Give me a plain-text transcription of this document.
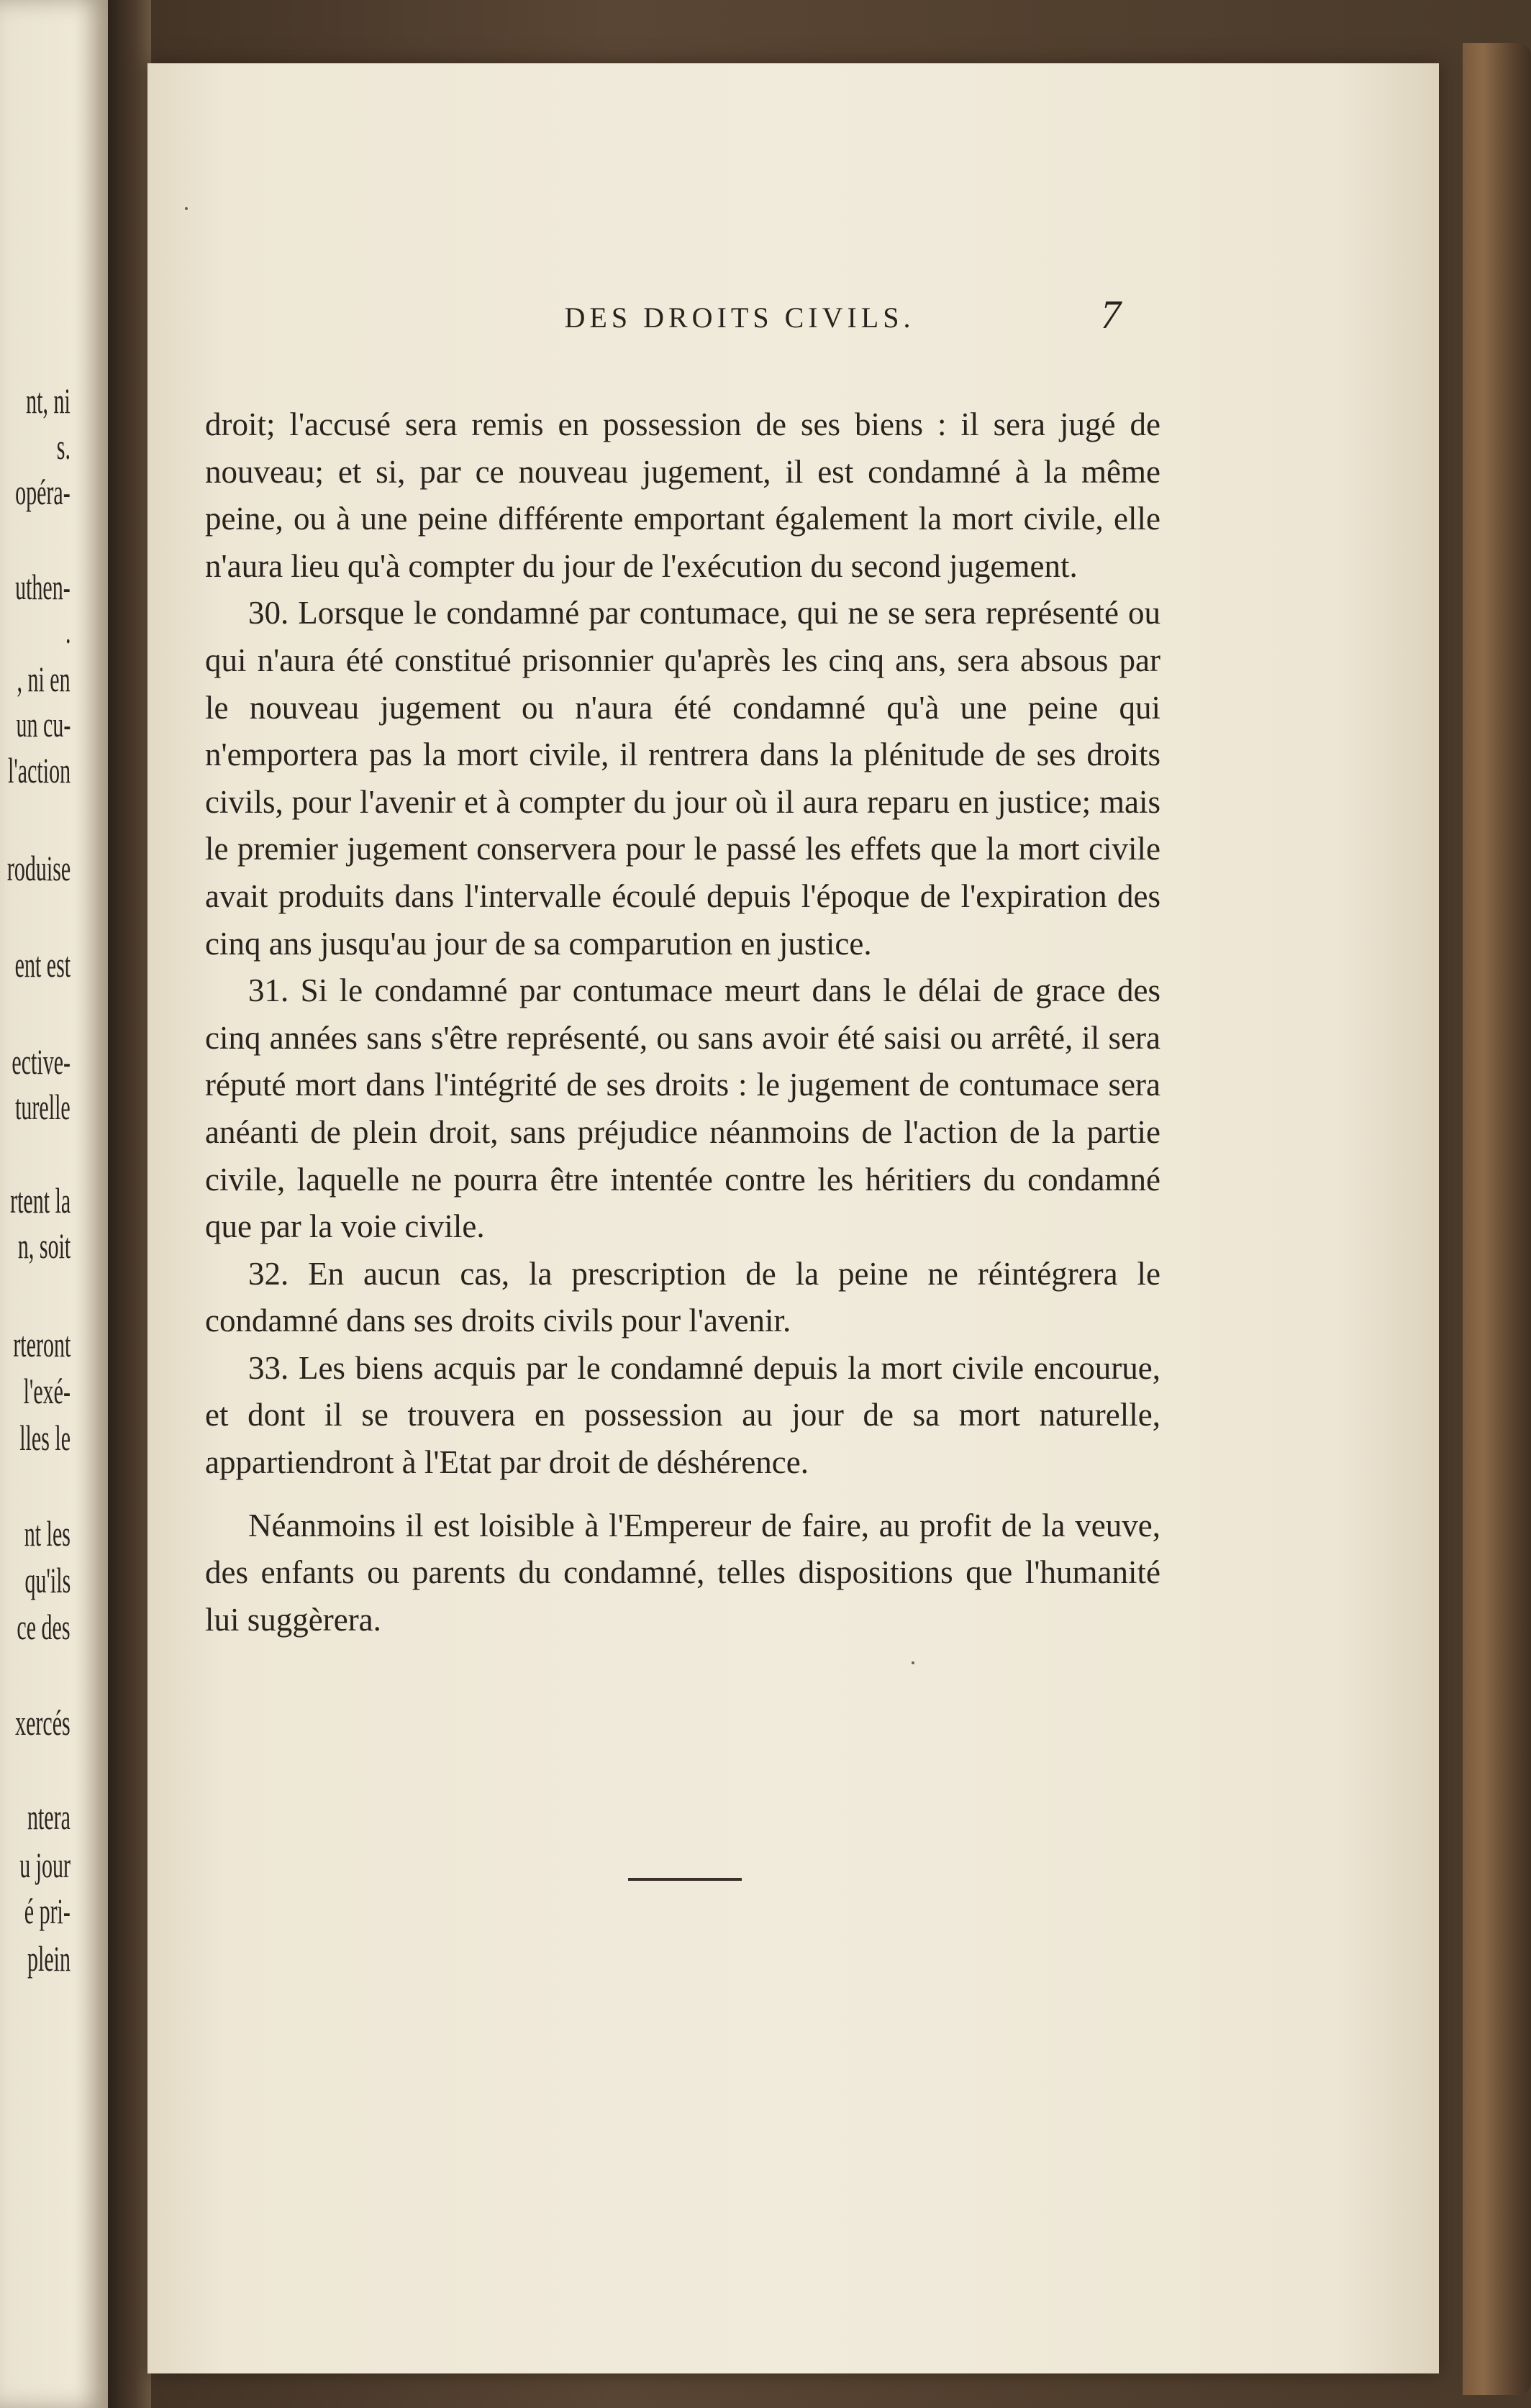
nt, ni
s.
opéra-
uthen-
.
, ni en
un cu-
l'action
roduise
ent est
ective-
turelle
rtent la
n, soit
rteront
l'exé-
lles le
nt les
qu'ils
ce des
xercés
ntera
u jour
é pri-
plein
DES DROITS CIVILS.	7

droit; l'accusé sera remis en possession de ses biens : il sera jugé de nouveau; et si, par ce nouveau jugement, il est condamné à la même peine, ou à une peine différente emportant également la mort civile, elle n'aura lieu qu'à compter du jour de l'exécution du second jugement.

30. Lorsque le condamné par contumace, qui ne se sera représenté ou qui n'aura été constitué prisonnier qu'après les cinq ans, sera absous par le nouveau jugement ou n'aura été condamné qu'à une peine qui n'emportera pas la mort civile, il rentrera dans la plénitude de ses droits civils, pour l'avenir et à compter du jour où il aura reparu en justice; mais le premier jugement conservera pour le passé les effets que la mort civile avait produits dans l'intervalle écoulé depuis l'époque de l'expiration des cinq ans jusqu'au jour de sa comparution en justice.

31. Si le condamné par contumace meurt dans le délai de grace des cinq années sans s'être représenté, ou sans avoir été saisi ou arrêté, il sera réputé mort dans l'intégrité de ses droits : le jugement de contumace sera anéanti de plein droit, sans préjudice néanmoins de l'action de la partie civile, laquelle ne pourra être intentée contre les héritiers du condamné que par la voie civile.

32. En aucun cas, la prescription de la peine ne réintégrera le condamné dans ses droits civils pour l'avenir.

33. Les biens acquis par le condamné depuis la mort civile encourue, et dont il se trouvera en possession au jour de sa mort naturelle, appartiendront à l'Etat par droit de déshérence.

Néanmoins il est loisible à l'Empereur de faire, au profit de la veuve, des enfants ou parents du condamné, telles dispositions que l'humanité lui suggèrera.
